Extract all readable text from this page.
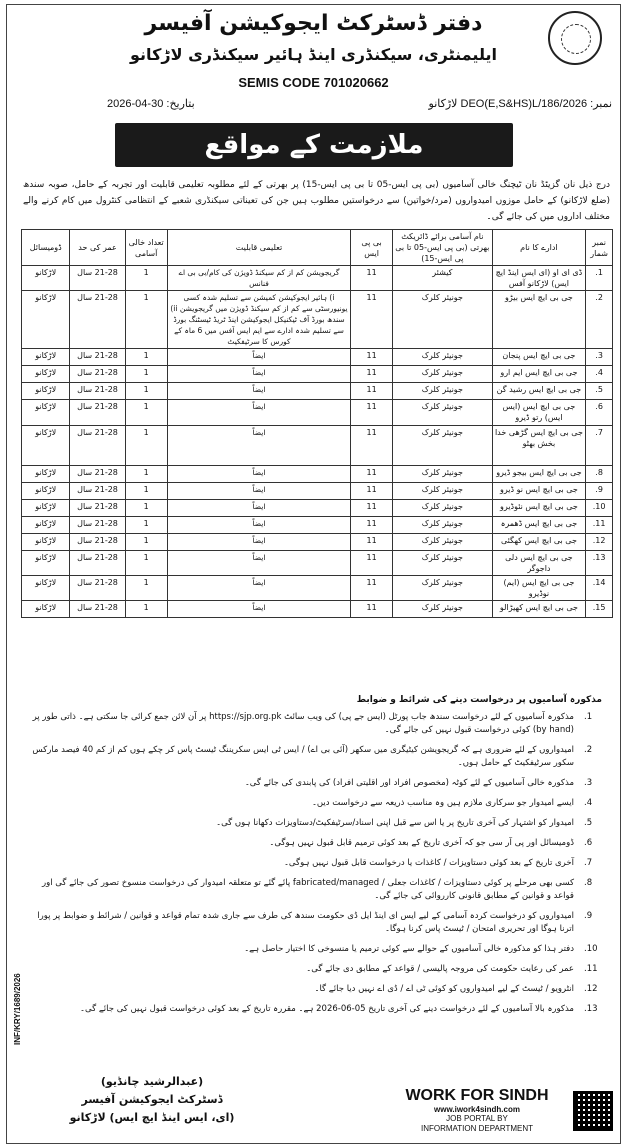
دفتر ڈسٹرکٹ ایجوکیشن آفیسر
ایلیمنٹری، سیکنڈری اینڈ ہائیر سیکنڈری لاڑکانو
SEMIS CODE 701020662
نمبر: DEO(E,S&HS)L/186/2026 لاڑکانو
بتاریخ: 30-04-2026
ملازمت کے مواقع
درج ذیل نان گزیٹڈ نان ٹیچنگ خالی آسامیوں (بی پی ایس-05 تا بی پی ایس-15) پر بھرتی کے لئے مطلوبہ تعلیمی قابلیت اور تجربہ کے حامل، صوبہ سندھ (ضلع لاڑکانو) کے حامل موزوں امیدواروں (مرد/خواتین) سے درخواستیں مطلوب ہیں جن کی تعیناتی سیکنڈری شعبے کے انتظامی کنٹرول میں کام کرنے والے مختلف اداروں میں کی جائے گی۔
نمبر شمار	ادارے کا نام	نام آسامی برائے ڈائریکٹ بھرتی (بی پی ایس-05 تا بی پی ایس-15)	بی پی ایس	تعلیمی قابلیت	تعداد خالی آسامی	عمر کی حد	ڈومیسائل
1.	ڈی ای او (ای ایس اینڈ ایچ ایس) لاڑکانو آفس	کیشئر	11	گریجویشن کم از کم سیکنڈ ڈویژن کی کام/بی بی اے فنانس	1	21-28 سال	لاڑکانو
2.	جی بی ایچ ایس بیڑو	جونیئر کلرک	11	i) ہائیر ایجوکیشن کمیشن سے تسلیم شدہ کسی یونیورسٹی سے کم از کم سیکنڈ ڈویژن میں گریجویشن ii) سندھ بورڈ آف ٹیکنیکل ایجوکیشن اینڈ ٹریڈ ٹیسٹنگ بورڈ سے تسلیم شدہ ادارے سے ایم ایس آفس میں 6 ماہ کے کورس کا سرٹیفکیٹ	1	21-28 سال	لاڑکانو
3.	جی بی ایچ ایس پنجان	جونیئر کلرک	11	ایضاً	1	21-28 سال	لاڑکانو
4.	جی بی ایچ ایس ایم ارو	جونیئر کلرک	11	ایضاً	1	21-28 سال	لاڑکانو
5.	جی بی ایچ ایس رشید گن	جونیئر کلرک	11	ایضاً	1	21-28 سال	لاڑکانو
6.	جی بی ایچ ایس (ایس ایس) رتو ڈیرو	جونیئر کلرک	11	ایضاً	1	21-28 سال	لاڑکانو
7.	جی بی ایچ ایس گڑھی خدا بخش بھٹو	جونیئر کلرک	11	ایضاً	1	21-28 سال	لاڑکانو
8.	جی بی ایچ ایس بیجو ڈیرو	جونیئر کلرک	11	ایضاً	1	21-28 سال	لاڑکانو
9.	جی بی ایچ ایس نو ڈیرو	جونیئر کلرک	11	ایضاً	1	21-28 سال	لاڑکانو
10.	جی بی ایچ ایس نئوڈیرو	جونیئر کلرک	11	ایضاً	1	21-28 سال	لاڑکانو
11.	جی بی ایچ ایس ڈھمرہ	جونیئر کلرک	11	ایضاً	1	21-28 سال	لاڑکانو
12.	جی بی ایچ ایس کھگئی	جونیئر کلرک	11	ایضاً	1	21-28 سال	لاڑکانو
13.	جی بی ایچ ایس دلی داجوگر	جونیئر کلرک	11	ایضاً	1	21-28 سال	لاڑکانو
14.	جی بی ایچ ایس (ایم) نوڈیرو	جونیئر کلرک	11	ایضاً	1	21-28 سال	لاڑکانو
15.	جی بی ایچ ایس کھیڑالو	جونیئر کلرک	11	ایضاً	1	21-28 سال	لاڑکانو
مذکورہ آسامیوں پر درخواست دینے کی شرائط و ضوابط
1.
مذکورہ آسامیوں کے لئے درخواست سندھ جاب پورٹل (ایس جے پی) کی ویب سائٹ https://sjp.org.pk پر آن لائن جمع کرائی جا سکتی ہے۔ ذاتی طور پر (by hand) کوئی درخواست قبول نہیں کی جائے گی۔
2.
امیدواروں کے لئے ضروری ہے کہ گریجویشن کیٹیگری میں سکھر (آئی بی اے) / ایس ٹی ایس سکریننگ ٹیسٹ پاس کر چکے ہوں کم از کم 40 فیصد مارکس سکور سرٹیفکیٹ کے حامل ہوں۔
3.
مذکورہ خالی آسامیوں کے لئے کوٹہ (مخصوص افراد اور اقلیتی افراد) کی پابندی کی جائے گی۔
4.
ایسے امیدوار جو سرکاری ملازم ہیں وہ مناسب ذریعہ سے درخواست دیں۔
5.
امیدوار کو اشتہار کی آخری تاریخ پر یا اس سے قبل اپنی اسناد/سرٹیفکیٹ/دستاویزات دکھانا ہوں گی۔
6.
ڈومیسائل اور پی آر سی جو کہ آخری تاریخ کے بعد کوئی ترمیم قابل قبول نہیں ہوگی۔
7.
آخری تاریخ کے بعد کوئی دستاویزات / کاغذات یا درخواست قابل قبول نہیں ہوگی۔
8.
کسی بھی مرحلے پر کوئی دستاویزات / کاغذات جعلی / fabricated/managed پائے گئے تو متعلقہ امیدوار کی درخواست منسوخ تصور کی جائے گی اور قواعد و قوانین کے مطابق قانونی کارروائی کی جائے گی۔
9.
امیدواروں کو درخواست کردہ آسامی کے لیے ایس ای اینڈ ایل ڈی حکومت سندھ کی طرف سے جاری شدہ تمام قواعد و قوانین / شرائط و ضوابط پر پورا اترنا ہوگا اور تحریری امتحان / ٹیسٹ پاس کرنا ہوگا۔
10.
دفتر ہذا کو مذکورہ خالی آسامیوں کے حوالے سے کوئی ترمیم یا منسوخی کا اختیار حاصل ہے۔
11.
عمر کی رعایت حکومت کی مروجہ پالیسی / قواعد کے مطابق دی جائے گی۔
12.
انٹرویو / ٹیسٹ کے لیے امیدواروں کو کوئی ٹی اے / ڈی اے نہیں دیا جائے گا۔
13.
مذکورہ بالا آسامیوں کے لئے درخواست دینے کی آخری تاریخ 05-06-2026 ہے۔ مقررہ تاریخ کے بعد کوئی درخواست قبول نہیں کی جائے گی۔
INF/KRY/1689/2026
(عبدالرشید چانڈیو)
ڈسٹرکٹ ایجوکیشن آفیسر
(ای، ایس اینڈ ایچ ایس) لاڑکانو
WORK FOR SINDH
www.iwork4sindh.com
JOB PORTAL BY
INFORMATION DEPARTMENT
